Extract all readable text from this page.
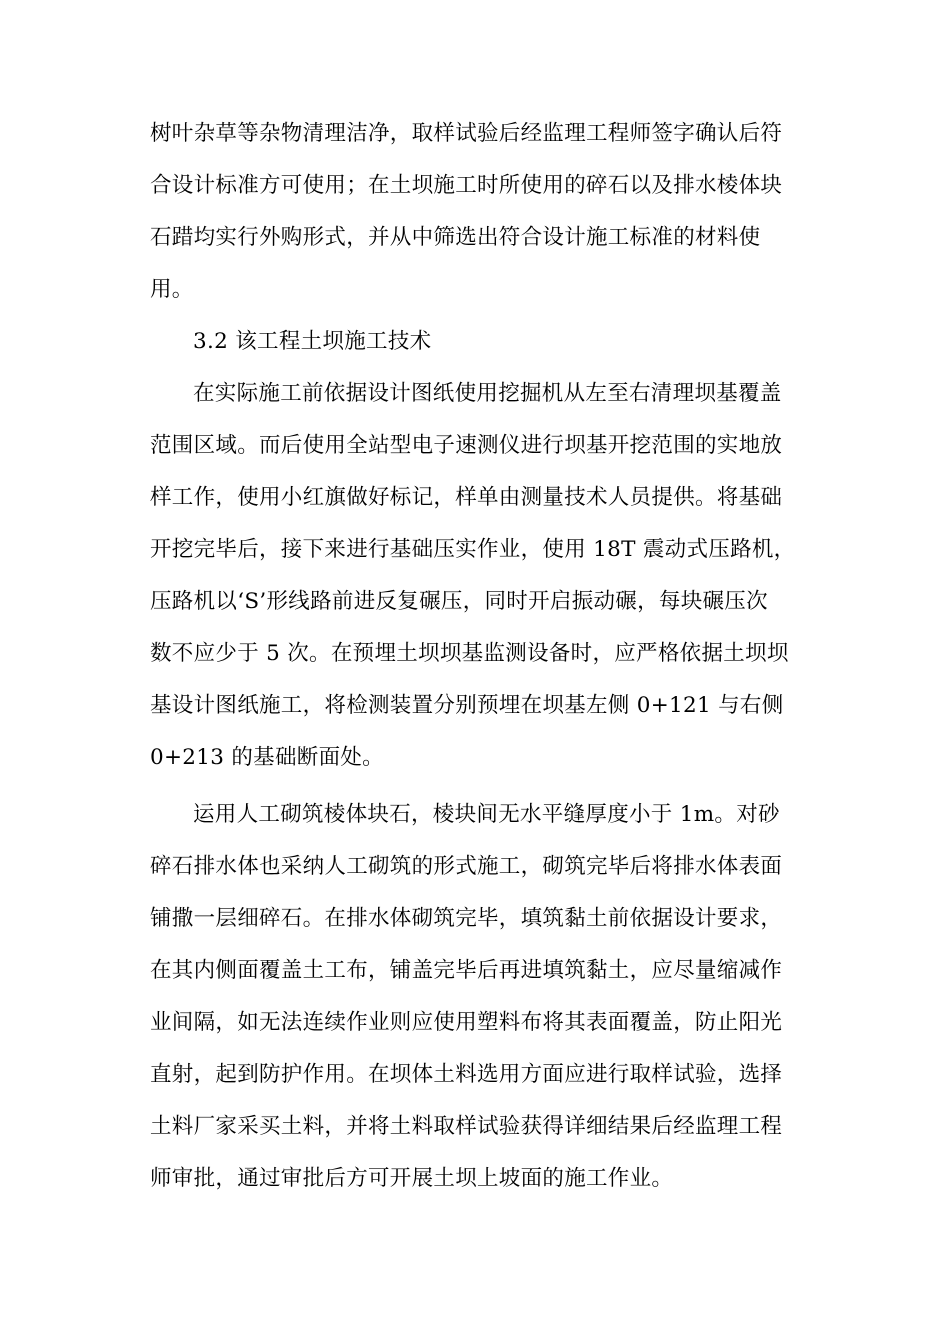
树叶杂草等杂物清理洁净，取样试验后经监理工程师签字确认后符
合设计标准方可使用；在土坝施工时所使用的碎石以及排水棱体块
石踖均实行外购形式，并从中筛选出符合设计施工标准的材料使
用。
3.2 该工程土坝施工技术
在实际施工前依据设计图纸使用挖掘机从左至右清理坝基覆盖
范围区域。而后使用全站型电子速测仪进行坝基开挖范围的实地放
样工作，使用小红旗做好标记，样单由测量技术人员提供。将基础
开挖完毕后，接下来进行基础压实作业，使用 18T 震动式压路机，
压路机以‘S’形线路前进反复碾压，同时开启振动碾，每块碾压次
数不应少于 5 次。在预埋土坝坝基监测设备时，应严格依据土坝坝
基设计图纸施工，将检测装置分别预埋在坝基左侧 0+121 与右侧
0+213 的基础断面处。
运用人工砌筑棱体块石，棱块间无水平缝厚度小于 1m。对砂
碎石排水体也采纳人工砌筑的形式施工，砌筑完毕后将排水体表面
铺撒一层细碎石。在排水体砌筑完毕，填筑黏土前依据设计要求，
在其内侧面覆盖土工布，铺盖完毕后再进填筑黏土，应尽量缩减作
业间隔，如无法连续作业则应使用塑料布将其表面覆盖，防止阳光
直射，起到防护作用。在坝体土料选用方面应进行取样试验，选择
土料厂家采买土料，并将土料取样试验获得详细结果后经监理工程
师审批，通过审批后方可开展土坝上坡面的施工作业。
